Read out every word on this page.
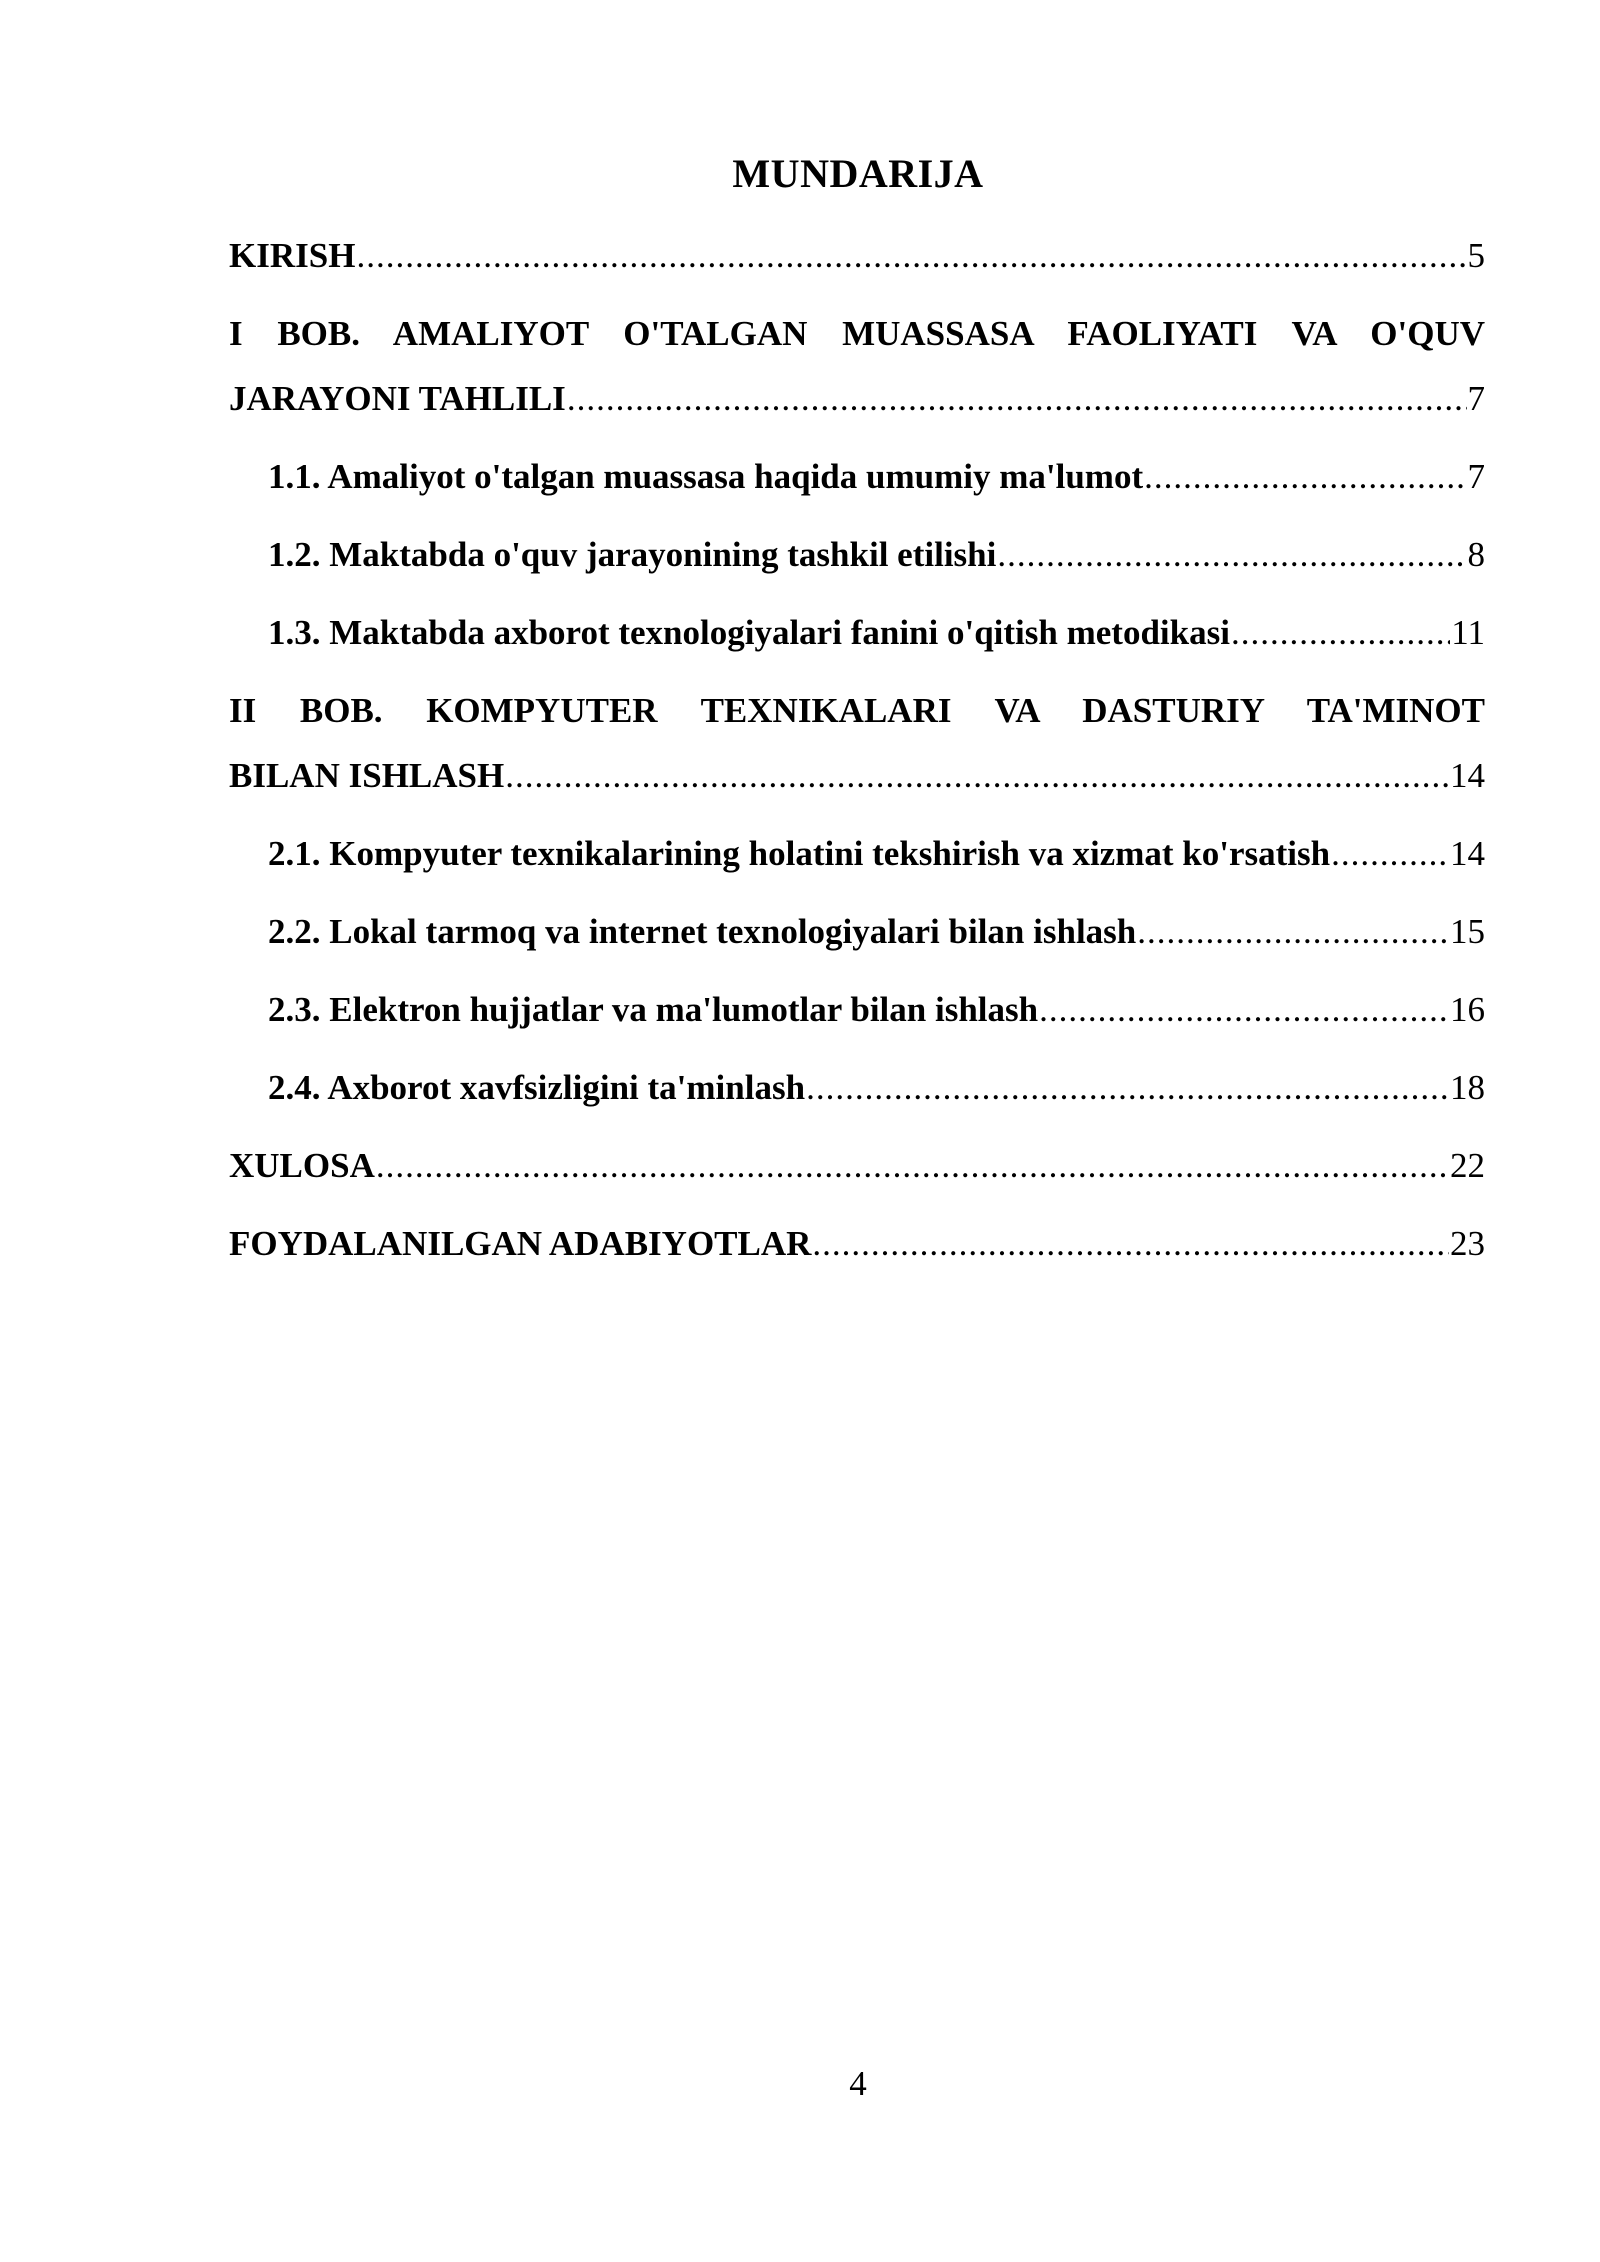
MUNDARIJA
KIRISH .....	5
I BOB. AMALIYOT O'TALGAN MUASSASA FAOLIYATI VA O'QUV
JARAYONI TAHLILI .....	7
1.1. Amaliyot o'talgan muassasa haqida umumiy ma'lumot .....	7
1.2. Maktabda o'quv jarayonining tashkil etilishi .....	8
1.3. Maktabda axborot texnologiyalari fanini o'qitish metodikasi .....	11
II BOB. KOMPYUTER TEXNIKALARI VA DASTURIY TA'MINOT
BILAN ISHLASH .....	14
2.1. Kompyuter texnikalarining holatini tekshirish va xizmat ko'rsatish .....	14
2.2. Lokal tarmoq va internet texnologiyalari bilan ishlash .....	15
2.3. Elektron hujjatlar va ma'lumotlar bilan ishlash .....	16
2.4. Axborot xavfsizligini ta'minlash .....	18
XULOSA .....	22
FOYDALANILGAN ADABIYOTLAR .....	23
4
